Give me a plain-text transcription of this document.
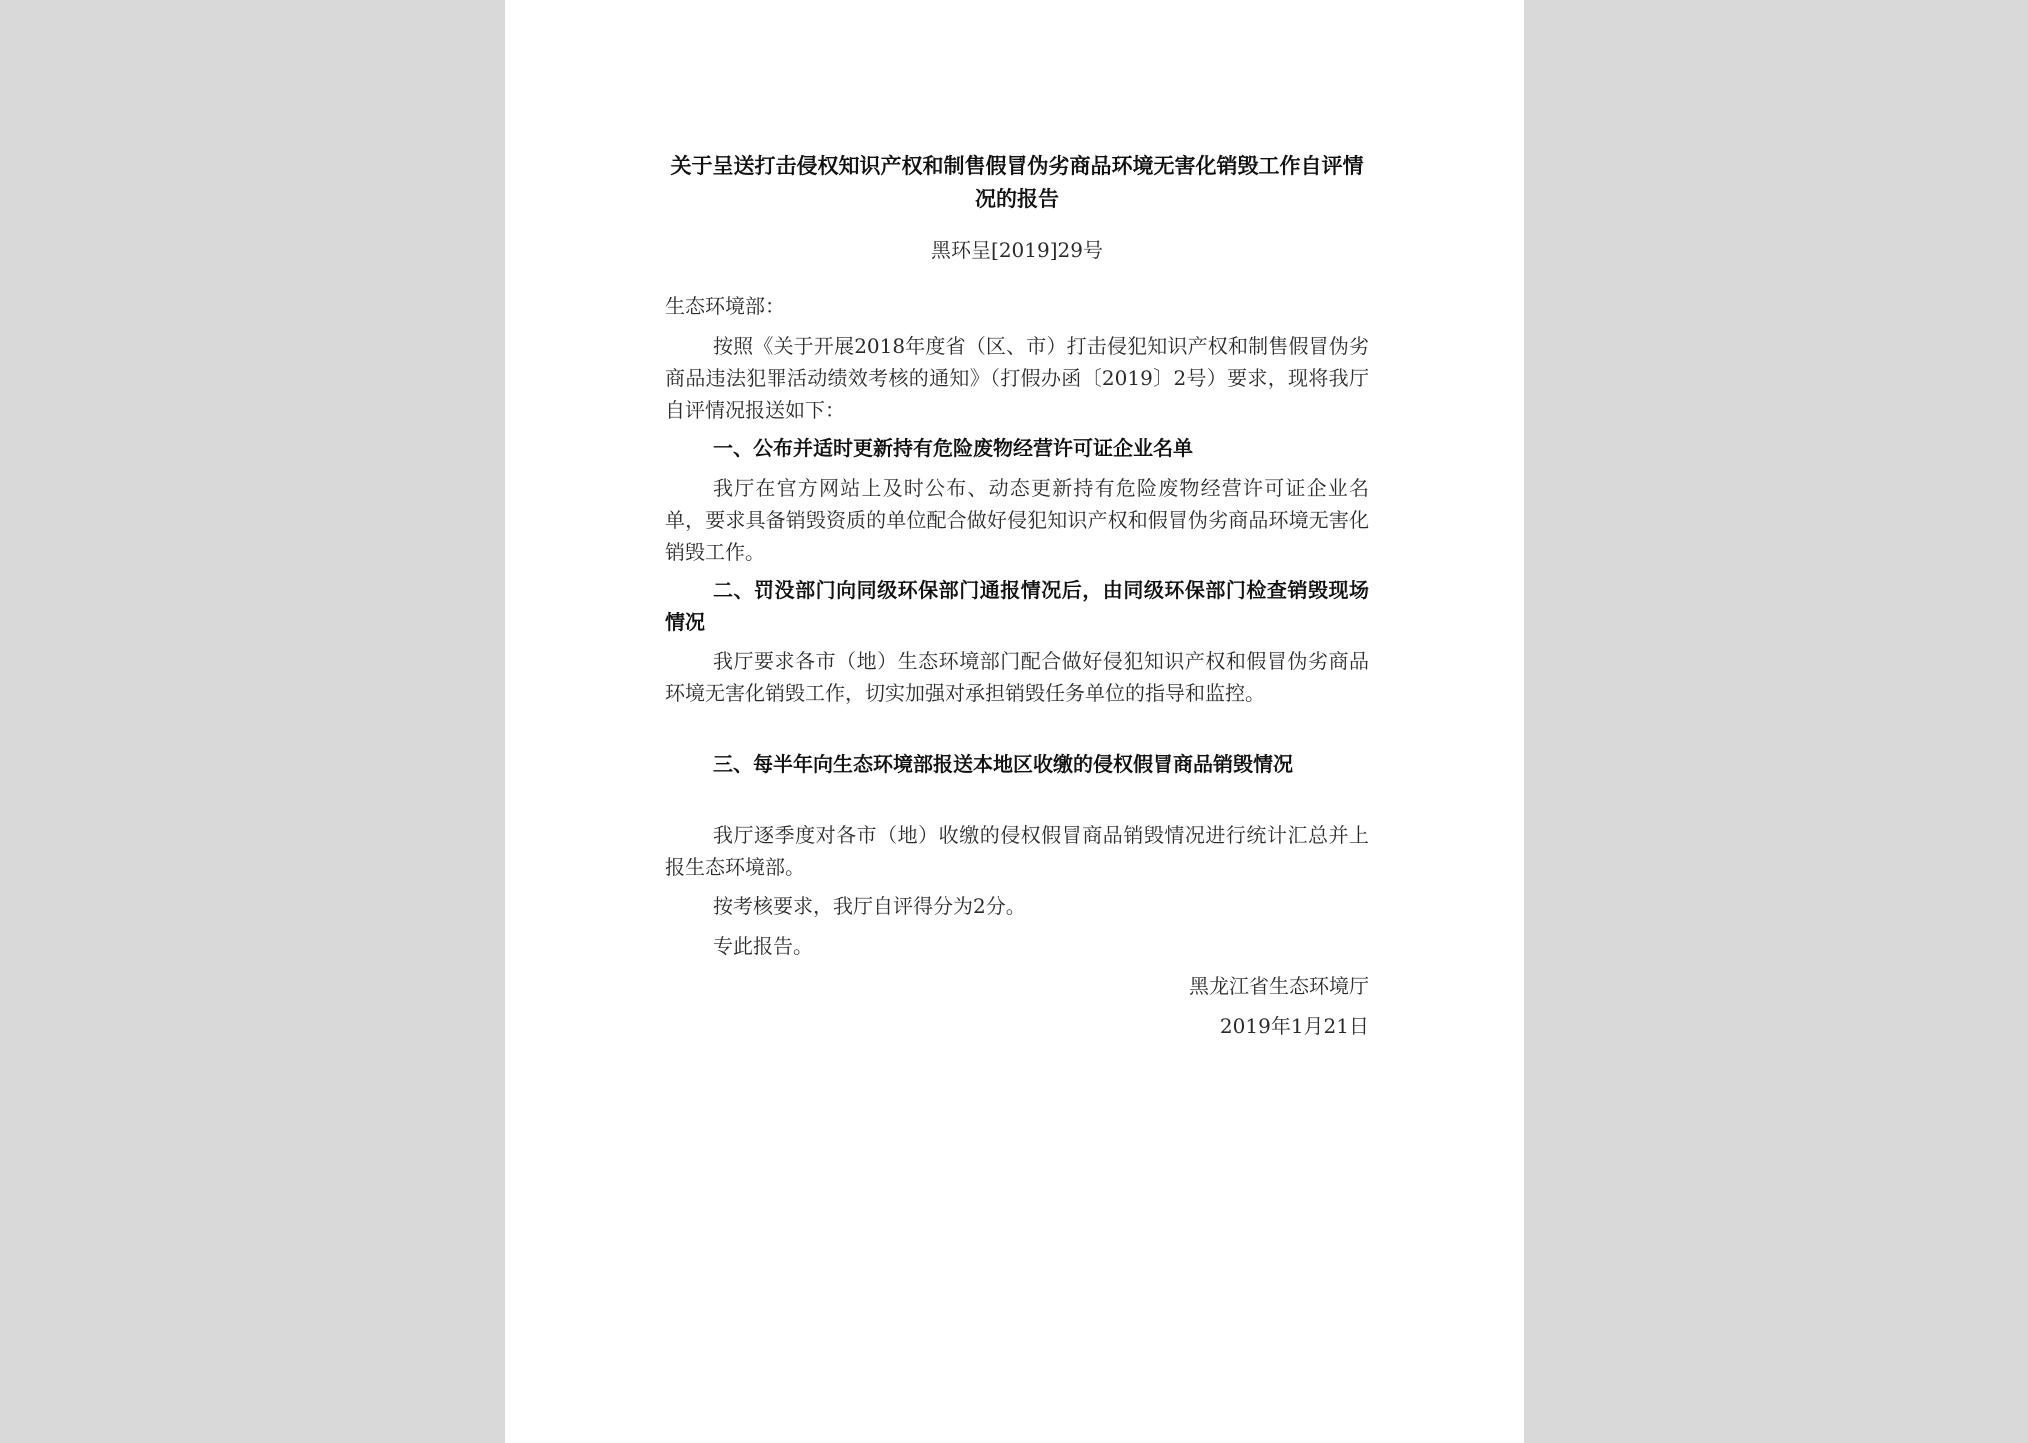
关于呈送打击侵权知识产权和制售假冒伪劣商品环境无害化销毁工作自评情况的报告
黑环呈[2019]29号
生态环境部：
按照《关于开展2018年度省（区、市）打击侵犯知识产权和制售假冒伪劣商品违法犯罪活动绩效考核的通知》（打假办函〔2019〕2号）要求，现将我厅自评情况报送如下：
一、公布并适时更新持有危险废物经营许可证企业名单
我厅在官方网站上及时公布、动态更新持有危险废物经营许可证企业名单，要求具备销毁资质的单位配合做好侵犯知识产权和假冒伪劣商品环境无害化销毁工作。
二、罚没部门向同级环保部门通报情况后，由同级环保部门检查销毁现场情况
我厅要求各市（地）生态环境部门配合做好侵犯知识产权和假冒伪劣商品环境无害化销毁工作，切实加强对承担销毁任务单位的指导和监控。
三、每半年向生态环境部报送本地区收缴的侵权假冒商品销毁情况
我厅逐季度对各市（地）收缴的侵权假冒商品销毁情况进行统计汇总并上报生态环境部。
按考核要求，我厅自评得分为2分。
专此报告。
黑龙江省生态环境厅
2019年1月21日
